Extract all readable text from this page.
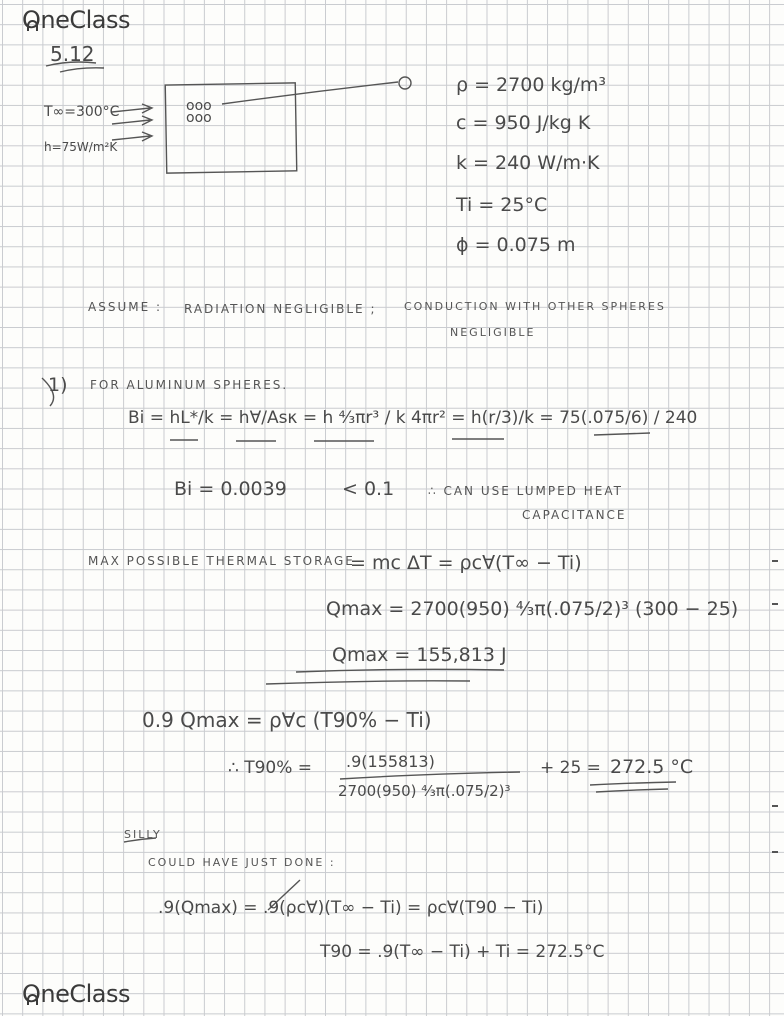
OneClass
OneClass
5.12
T∞=300°C
h=75W/m²K
ooo
ooo
ρ = 2700 kg/m³
c = 950 J/kg K
k = 240 W/m·K
Ti = 25°C
ϕ = 0.075 m
ASSUME : RADIATION NEGLIGIBLE ;	CONDUCTION WITH OTHER SPHERES
NEGLIGIBLE
1) FOR ALUMINUM SPHERES.
Bi = hL*/k = h∀/Asκ = h ⁴⁄₃πr³ / k 4πr² = h(r/3)/k = 75(.075/6) / 240
Bi = 0.0039	< 0.1	∴ CAN USE LUMPED HEAT
CAPACITANCE
MAX POSSIBLE THERMAL STORAGE
= mc ΔT = ρc∀(T∞ − Ti)
Qmax = 2700(950) ⁴⁄₃π(.075/2)³ (300 − 25)
Qmax = 155,813 J
0.9 Qmax = ρ∀c (T90% − Ti)
∴ T90% = .9(155813)
2700(950) ⁴⁄₃π(.075/2)³
+ 25 = 272.5 °C
SILLY
COULD HAVE JUST DONE :
.9(Qmax) = .9(ρc∀)(T∞ − Ti) = ρc∀(T90 − Ti)
T90 = .9(T∞ − Ti) + Ti = 272.5°C
